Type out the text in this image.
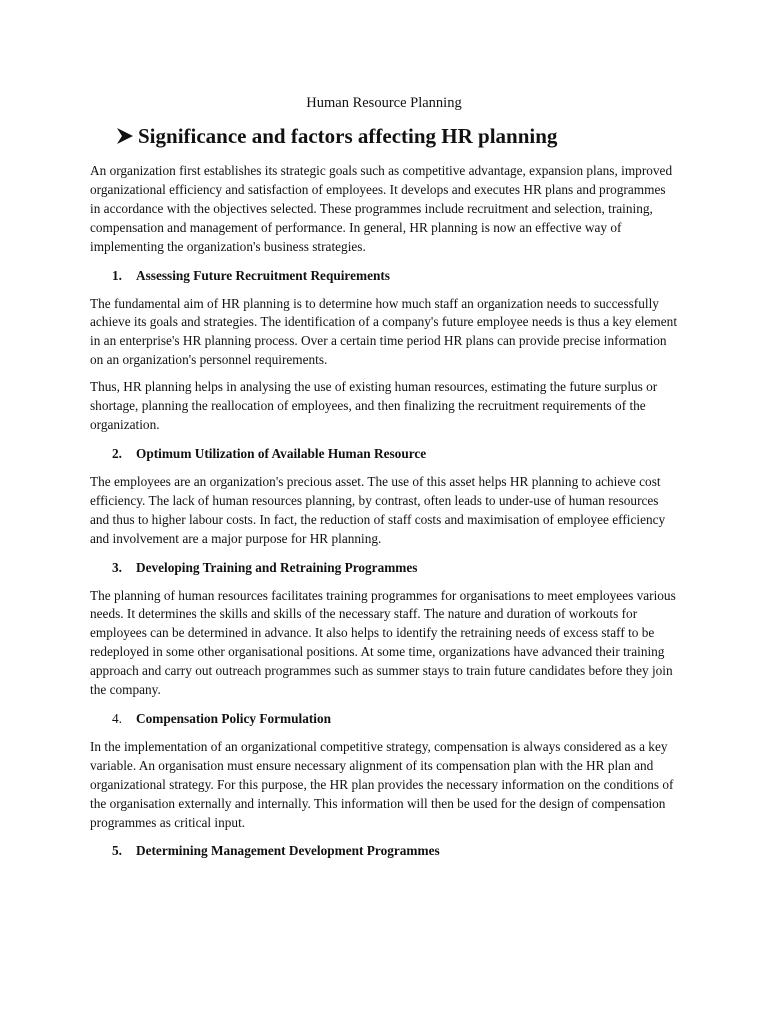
Human Resource Planning
Significance and factors affecting HR planning

An organization first establishes its strategic goals such as competitive advantage, expansion plans, improved organizational efficiency and satisfaction of employees. It develops and executes HR plans and programmes in accordance with the objectives selected. These programmes include recruitment and selection, training, compensation and management of performance. In general, HR planning is now an effective way of implementing the organization's business strategies.

1.	Assessing Future Recruitment Requirements

The fundamental aim of HR planning is to determine how much staff an organization needs to successfully achieve its goals and strategies. The identification of a company's future employee needs is thus a key element in an enterprise's HR planning process. Over a certain time period HR plans can provide precise information on an organization's personnel requirements.

Thus, HR planning helps in analysing the use of existing human resources, estimating the future surplus or shortage, planning the reallocation of employees, and then finalizing the recruitment requirements of the organization.

2.	Optimum Utilization of Available Human Resource

The employees are an organization's precious asset. The use of this asset helps HR planning to achieve cost efficiency. The lack of human resources planning, by contrast, often leads to under-use of human resources and thus to higher labour costs. In fact, the reduction of staff costs and maximisation of employee efficiency and involvement are a major purpose for HR planning.

3.	Developing Training and Retraining Programmes

The planning of human resources facilitates training programmes for organisations to meet employees various needs. It determines the skills and skills of the necessary staff. The nature and duration of workouts for employees can be determined in advance. It also helps to identify the retraining needs of excess staff to be redeployed in some other organisational positions. At some time, organizations have advanced their training approach and carry out outreach programmes such as summer stays to train future candidates before they join the company.

4.	Compensation Policy Formulation

In the implementation of an organizational competitive strategy, compensation is always considered as a key variable. An organisation must ensure necessary alignment of its compensation plan with the HR plan and organizational strategy. For this purpose, the HR plan provides the necessary information on the conditions of the organisation externally and internally. This information will then be used for the design of compensation programmes as critical input.

5.	Determining Management Development Programmes
